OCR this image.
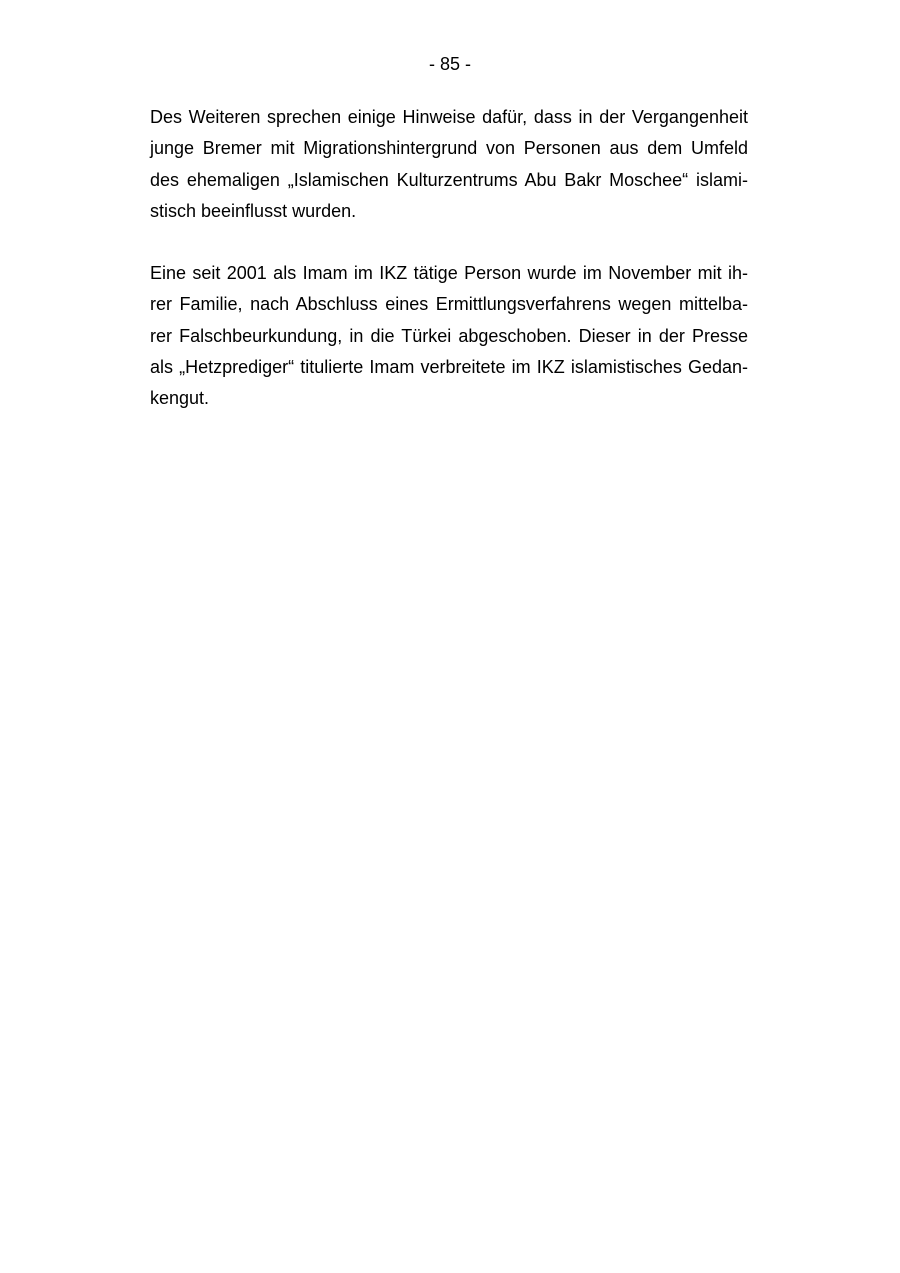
- 85 -
Des Weiteren sprechen einige Hinweise dafür, dass in der Vergangenheit
junge Bremer mit Migrationshintergrund von Personen aus dem Umfeld
des ehemaligen „Islamischen Kulturzentrums Abu Bakr Moschee“ islami-
stisch beeinflusst wurden.
Eine seit 2001 als Imam im IKZ tätige Person wurde im November mit ih-
rer Familie, nach Abschluss eines Ermittlungsverfahrens wegen mittelba-
rer Falschbeurkundung, in die Türkei abgeschoben. Dieser in der Presse
als „Hetzprediger“ titulierte Imam verbreitete im IKZ islamistisches Gedan-
kengut.
